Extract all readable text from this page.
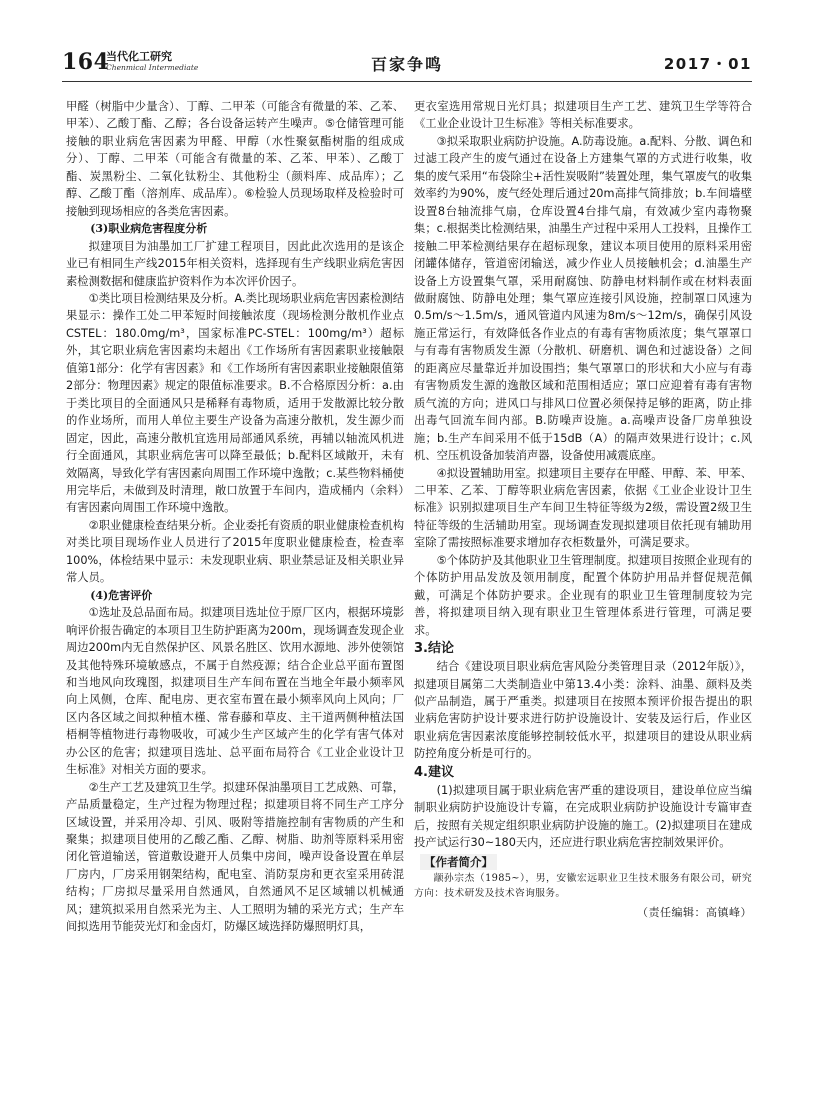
164
当代化工研究
Chenmical Intermediate	百家争鸣	2017・01

甲醛（树脂中少量含）、丁醇、二甲苯（可能含有微量的苯、乙苯、甲苯）、乙酸丁酯、乙醇；各台设备运转产生噪声。⑤仓储管理可能接触的职业病危害因素为甲醛、甲醇（水性聚氨酯树脂的组成成分）、丁醇、二甲苯（可能含有微量的苯、乙苯、甲苯）、乙酸丁酯、炭黑粉尘、二氧化钛粉尘、其他粉尘（颜料库、成品库）；乙醇、乙酸丁酯（溶剂库、成品库）。⑥检验人员现场取样及检验时可接触到现场相应的各类危害因素。

(3)职业病危害程度分析

拟建项目为油墨加工厂扩建工程项目，因此此次选用的是该企业已有相同生产线2015年相关资料，选择现有生产线职业病危害因素检测数据和健康监护资料作为本次评价因子。

①类比项目检测结果及分析。A.类比现场职业病危害因素检测结果显示：操作工处二甲苯短时间接触浓度（现场检测分散机作业点CSTEL：180.0mg/m³，国家标准PC-STEL：100mg/m³）超标外，其它职业病危害因素均未超出《工作场所有害因素职业接触限值第1部分：化学有害因素》和《工作场所有害因素职业接触限值第2部分：物理因素》规定的限值标准要求。B.不合格原因分析：a.由于类比项目的全面通风只是稀释有毒物质，适用于发散源比较分散的作业场所，而用人单位主要生产设备为高速分散机，发生源少而固定，因此，高速分散机宜选用局部通风系统，再辅以轴流风机进行全面通风，其职业病危害可以降至最低；b.配料区域敞开，未有效隔离，导致化学有害因素向周围工作环境中逸散；c.某些物料桶使用完毕后，未做到及时清理，敞口放置于车间内，造成桶内（余料）有害因素向周围工作环境中逸散。

②职业健康检查结果分析。企业委托有资质的职业健康检查机构对类比项目现场作业人员进行了2015年度职业健康检查，检查率100%，体检结果中显示：未发现职业病、职业禁忌证及相关职业异常人员。

(4)危害评价

①选址及总品面布局。拟建项目选址位于原厂区内，根据环境影响评价报告确定的本项目卫生防护距离为200m，现场调查发现企业周边200m内无自然保护区、风景名胜区、饮用水源地、涉外使领馆及其他特殊环境敏感点，不属于自然疫源；结合企业总平面布置图和当地风向玫瑰图，拟建项目生产车间布置在当地全年最小频率风向上风侧，仓库、配电房、更衣室布置在最小频率风向上风向；厂区内各区域之间拟种植木槿、常春藤和草皮、主干道两侧种植法国梧桐等植物进行毒物吸收，可减少生产区域产生的化学有害气体对办公区的危害；拟建项目选址、总平面布局符合《工业企业设计卫生标准》对相关方面的要求。

②生产工艺及建筑卫生学。拟建环保油墨项目工艺成熟、可靠，产品质量稳定，生产过程为物理过程；拟建项目将不同生产工序分区域设置，并采用冷却、引风、吸附等措施控制有害物质的产生和聚集；拟建项目使用的乙酸乙酯、乙醇、树脂、助剂等原料采用密闭化管道输送，管道敷设避开人员集中房间，噪声设备设置在单层厂房内，厂房采用钢架结构，配电室、消防泵房和更衣室采用砖混结构；厂房拟尽量采用自然通风，自然通风不足区域辅以机械通风；建筑拟采用自然采光为主、人工照明为辅的采光方式；生产车间拟选用节能荧光灯和金卤灯，防爆区域选择防爆照明灯具，

更衣室选用常规日光灯具；拟建项目生产工艺、建筑卫生学等符合《工业企业设计卫生标准》等相关标准要求。

③拟采取职业病防护设施。A.防毒设施。a.配料、分散、调色和过滤工段产生的废气通过在设备上方建集气罩的方式进行收集，收集的废气采用“布袋除尘+活性炭吸附”装置处理，集气罩废气的收集效率约为90%，废气经处理后通过20m高排气筒排放；b.车间墙壁设置8台轴流排气扇，仓库设置4台排气扇，有效减少室内毒物聚集；c.根据类比检测结果，油墨生产过程中采用人工投料，且操作工接触二甲苯检测结果存在超标现象，建议本项目使用的原料采用密闭罐体储存，管道密闭输送，减少作业人员接触机会；d.油墨生产设备上方设置集气罩，采用耐腐蚀、防静电材料制作或在材料表面做耐腐蚀、防静电处理；集气罩应连接引风设施，控制罩口风速为0.5m/s～1.5m/s，通风管道内风速为8m/s～12m/s，确保引风设施正常运行，有效降低各作业点的有毒有害物质浓度；集气罩罩口与有毒有害物质发生源（分散机、研磨机、调色和过滤设备）之间的距离应尽量靠近并加设围挡；集气罩罩口的形状和大小应与有毒有害物质发生源的逸散区域和范围相适应；罩口应迎着有毒有害物质气流的方向；进风口与排风口位置必须保持足够的距离，防止排出毒气回流车间内部。B.防噪声设施。a.高噪声设备厂房单独设施；b.生产车间采用不低于15dB（A）的隔声效果进行设计；c.风机、空压机设备加装消声器，设备使用减震底座。

④拟设置辅助用室。拟建项目主要存在甲醛、甲醇、苯、甲苯、二甲苯、乙苯、丁醇等职业病危害因素，依据《工业企业设计卫生标准》识别拟建项目生产车间卫生特征等级为2级，需设置2级卫生特征等级的生活辅助用室。现场调查发现拟建项目依托现有辅助用室除了需按照标准要求增加存衣柜数量外，可满足要求。

⑤个体防护及其他职业卫生管理制度。拟建项目按照企业现有的个体防护用品发放及领用制度，配置个体防护用品并督促规范佩戴，可满足个体防护要求。企业现有的职业卫生管理制度较为完善，将拟建项目纳入现有职业卫生管理体系进行管理，可满足要求。

3.结论

结合《建设项目职业病危害风险分类管理目录（2012年版）》，拟建项目属第二大类制造业中第13.4小类：涂料、油墨、颜料及类似产品制造，属于严重类。拟建项目在按照本预评价报告提出的职业病危害防护设计要求进行防护设施设计、安装及运行后，作业区职业病危害因素浓度能够控制较低水平，拟建项目的建设从职业病防控角度分析是可行的。

4.建议

(1)拟建项目属于职业病危害严重的建设项目，建设单位应当编制职业病防护设施设计专篇，在完成职业病防护设施设计专篇审查后，按照有关规定组织职业病防护设施的施工。(2)拟建项目在建成投产试运行30~180天内，还应进行职业病危害控制效果评价。

【作者简介】

颛孙宗杰（1985~），男，安徽宏远职业卫生技术服务有限公司，研究方向：技术研发及技术咨询服务。

（责任编辑：高镇峰）
